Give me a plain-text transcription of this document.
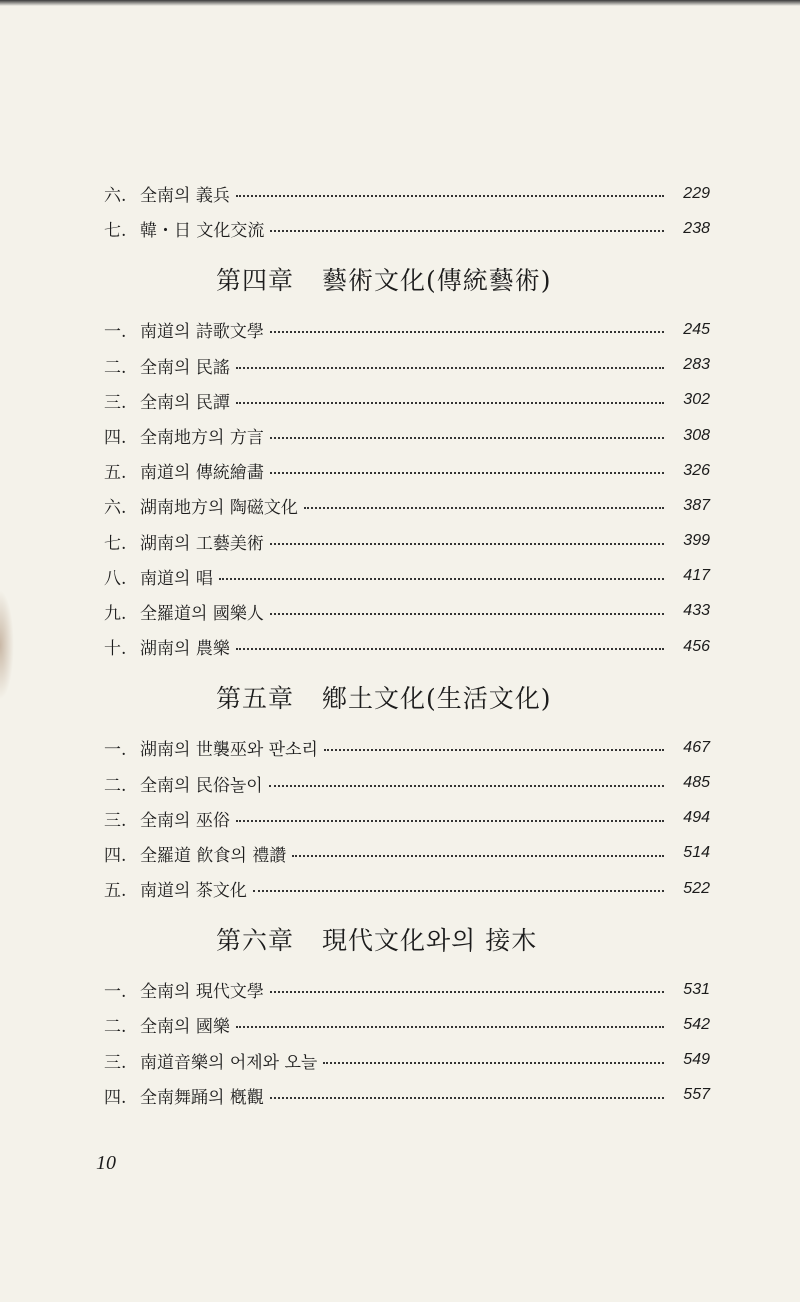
六. 全南의 義兵	229
七. 韓・日 文化交流	238
第四章 藝術文化(傳統藝術)
一. 南道의 詩歌文學	245
二. 全南의 民謠	283
三. 全南의 民譚	302
四. 全南地方의 方言	308
五. 南道의 傳統繪畵	326
六. 湖南地方의 陶磁文化	387
七. 湖南의 工藝美術	399
八. 南道의 唱	417
九. 全羅道의 國樂人	433
十. 湖南의 農樂	456
第五章 鄕土文化(生活文化)
一. 湖南의 世襲巫와 판소리	467
二. 全南의 民俗놀이	485
三. 全南의 巫俗	494
四. 全羅道 飮食의 禮讚	514
五. 南道의 茶文化	522
第六章 現代文化와의 接木
一. 全南의 現代文學	531
二. 全南의 國樂	542
三. 南道音樂의 어제와 오늘	549
四. 全南舞踊의 槪觀	557
10
